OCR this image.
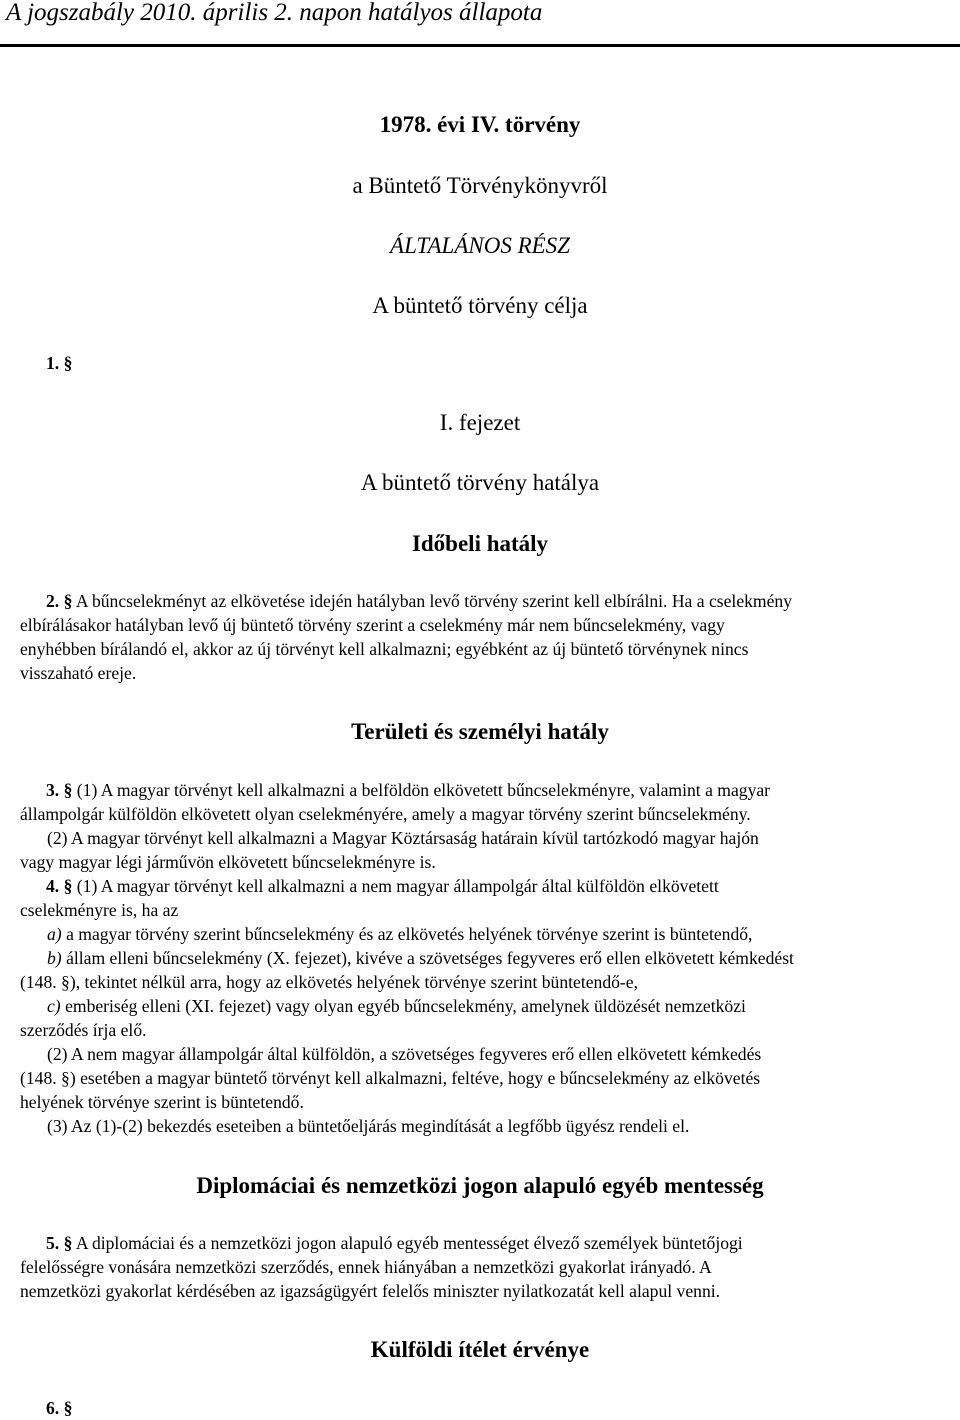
A jogszabály 2010. április 2. napon hatályos állapota
1978. évi IV. törvény
a Büntető Törvénykönyvről
ÁLTALÁNOS RÉSZ
A büntető törvény célja
1. §
I. fejezet
A büntető törvény hatálya
Időbeli hatály
2. § A bűncselekményt az elkövetése idején hatályban levő törvény szerint kell elbírálni. Ha a cselekmény
elbírálásakor hatályban levő új büntető törvény szerint a cselekmény már nem bűncselekmény, vagy
enyhébben bírálandó el, akkor az új törvényt kell alkalmazni; egyébként az új büntető törvénynek nincs
visszaható ereje.
Területi és személyi hatály
3. § (1) A magyar törvényt kell alkalmazni a belföldön elkövetett bűncselekményre, valamint a magyar
állampolgár külföldön elkövetett olyan cselekményére, amely a magyar törvény szerint bűncselekmény.
(2) A magyar törvényt kell alkalmazni a Magyar Köztársaság határain kívül tartózkodó magyar hajón
vagy magyar légi járművön elkövetett bűncselekményre is.
4. § (1) A magyar törvényt kell alkalmazni a nem magyar állampolgár által külföldön elkövetett
cselekményre is, ha az
a) a magyar törvény szerint bűncselekmény és az elkövetés helyének törvénye szerint is büntetendő,
b) állam elleni bűncselekmény (X. fejezet), kivéve a szövetséges fegyveres erő ellen elkövetett kémkedést
(148. §), tekintet nélkül arra, hogy az elkövetés helyének törvénye szerint büntetendő-e,
c) emberiség elleni (XI. fejezet) vagy olyan egyéb bűncselekmény, amelynek üldözését nemzetközi
szerződés írja elő.
(2) A nem magyar állampolgár által külföldön, a szövetséges fegyveres erő ellen elkövetett kémkedés
(148. §) esetében a magyar büntető törvényt kell alkalmazni, feltéve, hogy e bűncselekmény az elkövetés
helyének törvénye szerint is büntetendő.
(3) Az (1)-(2) bekezdés eseteiben a büntetőeljárás megindítását a legfőbb ügyész rendeli el.
Diplomáciai és nemzetközi jogon alapuló egyéb mentesség
5. § A diplomáciai és a nemzetközi jogon alapuló egyéb mentességet élvező személyek büntetőjogi
felelősségre vonására nemzetközi szerződés, ennek hiányában a nemzetközi gyakorlat irányadó. A
nemzetközi gyakorlat kérdésében az igazságügyért felelős miniszter nyilatkozatát kell alapul venni.
Külföldi ítélet érvénye
6. §
